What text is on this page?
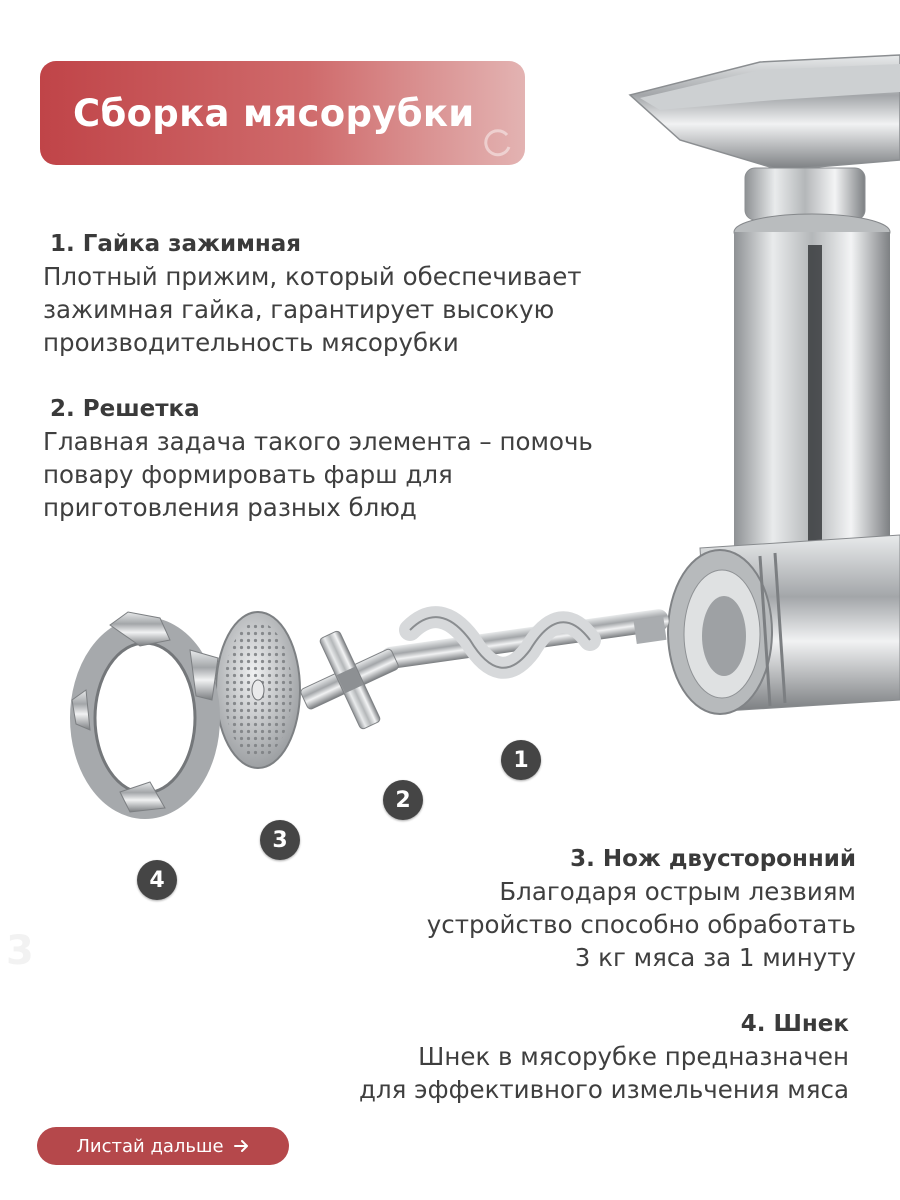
Сборка мясорубки
1. Гайка зажимная
Плотный прижим, который обеспечивает
зажимная гайка, гарантирует высокую
производительность мясорубки
2. Решетка
Главная задача такого элемента – помочь
повару формировать фарш для
приготовления разных блюд
1
2
3
4
3
3. Нож двусторонний
Благодаря острым лезвиям
устройство способно обработать
3 кг мяса за 1 минуту
4. Шнек
Шнек в мясорубке предназначен
для эффективного измельчения мяса
Листай дальше
